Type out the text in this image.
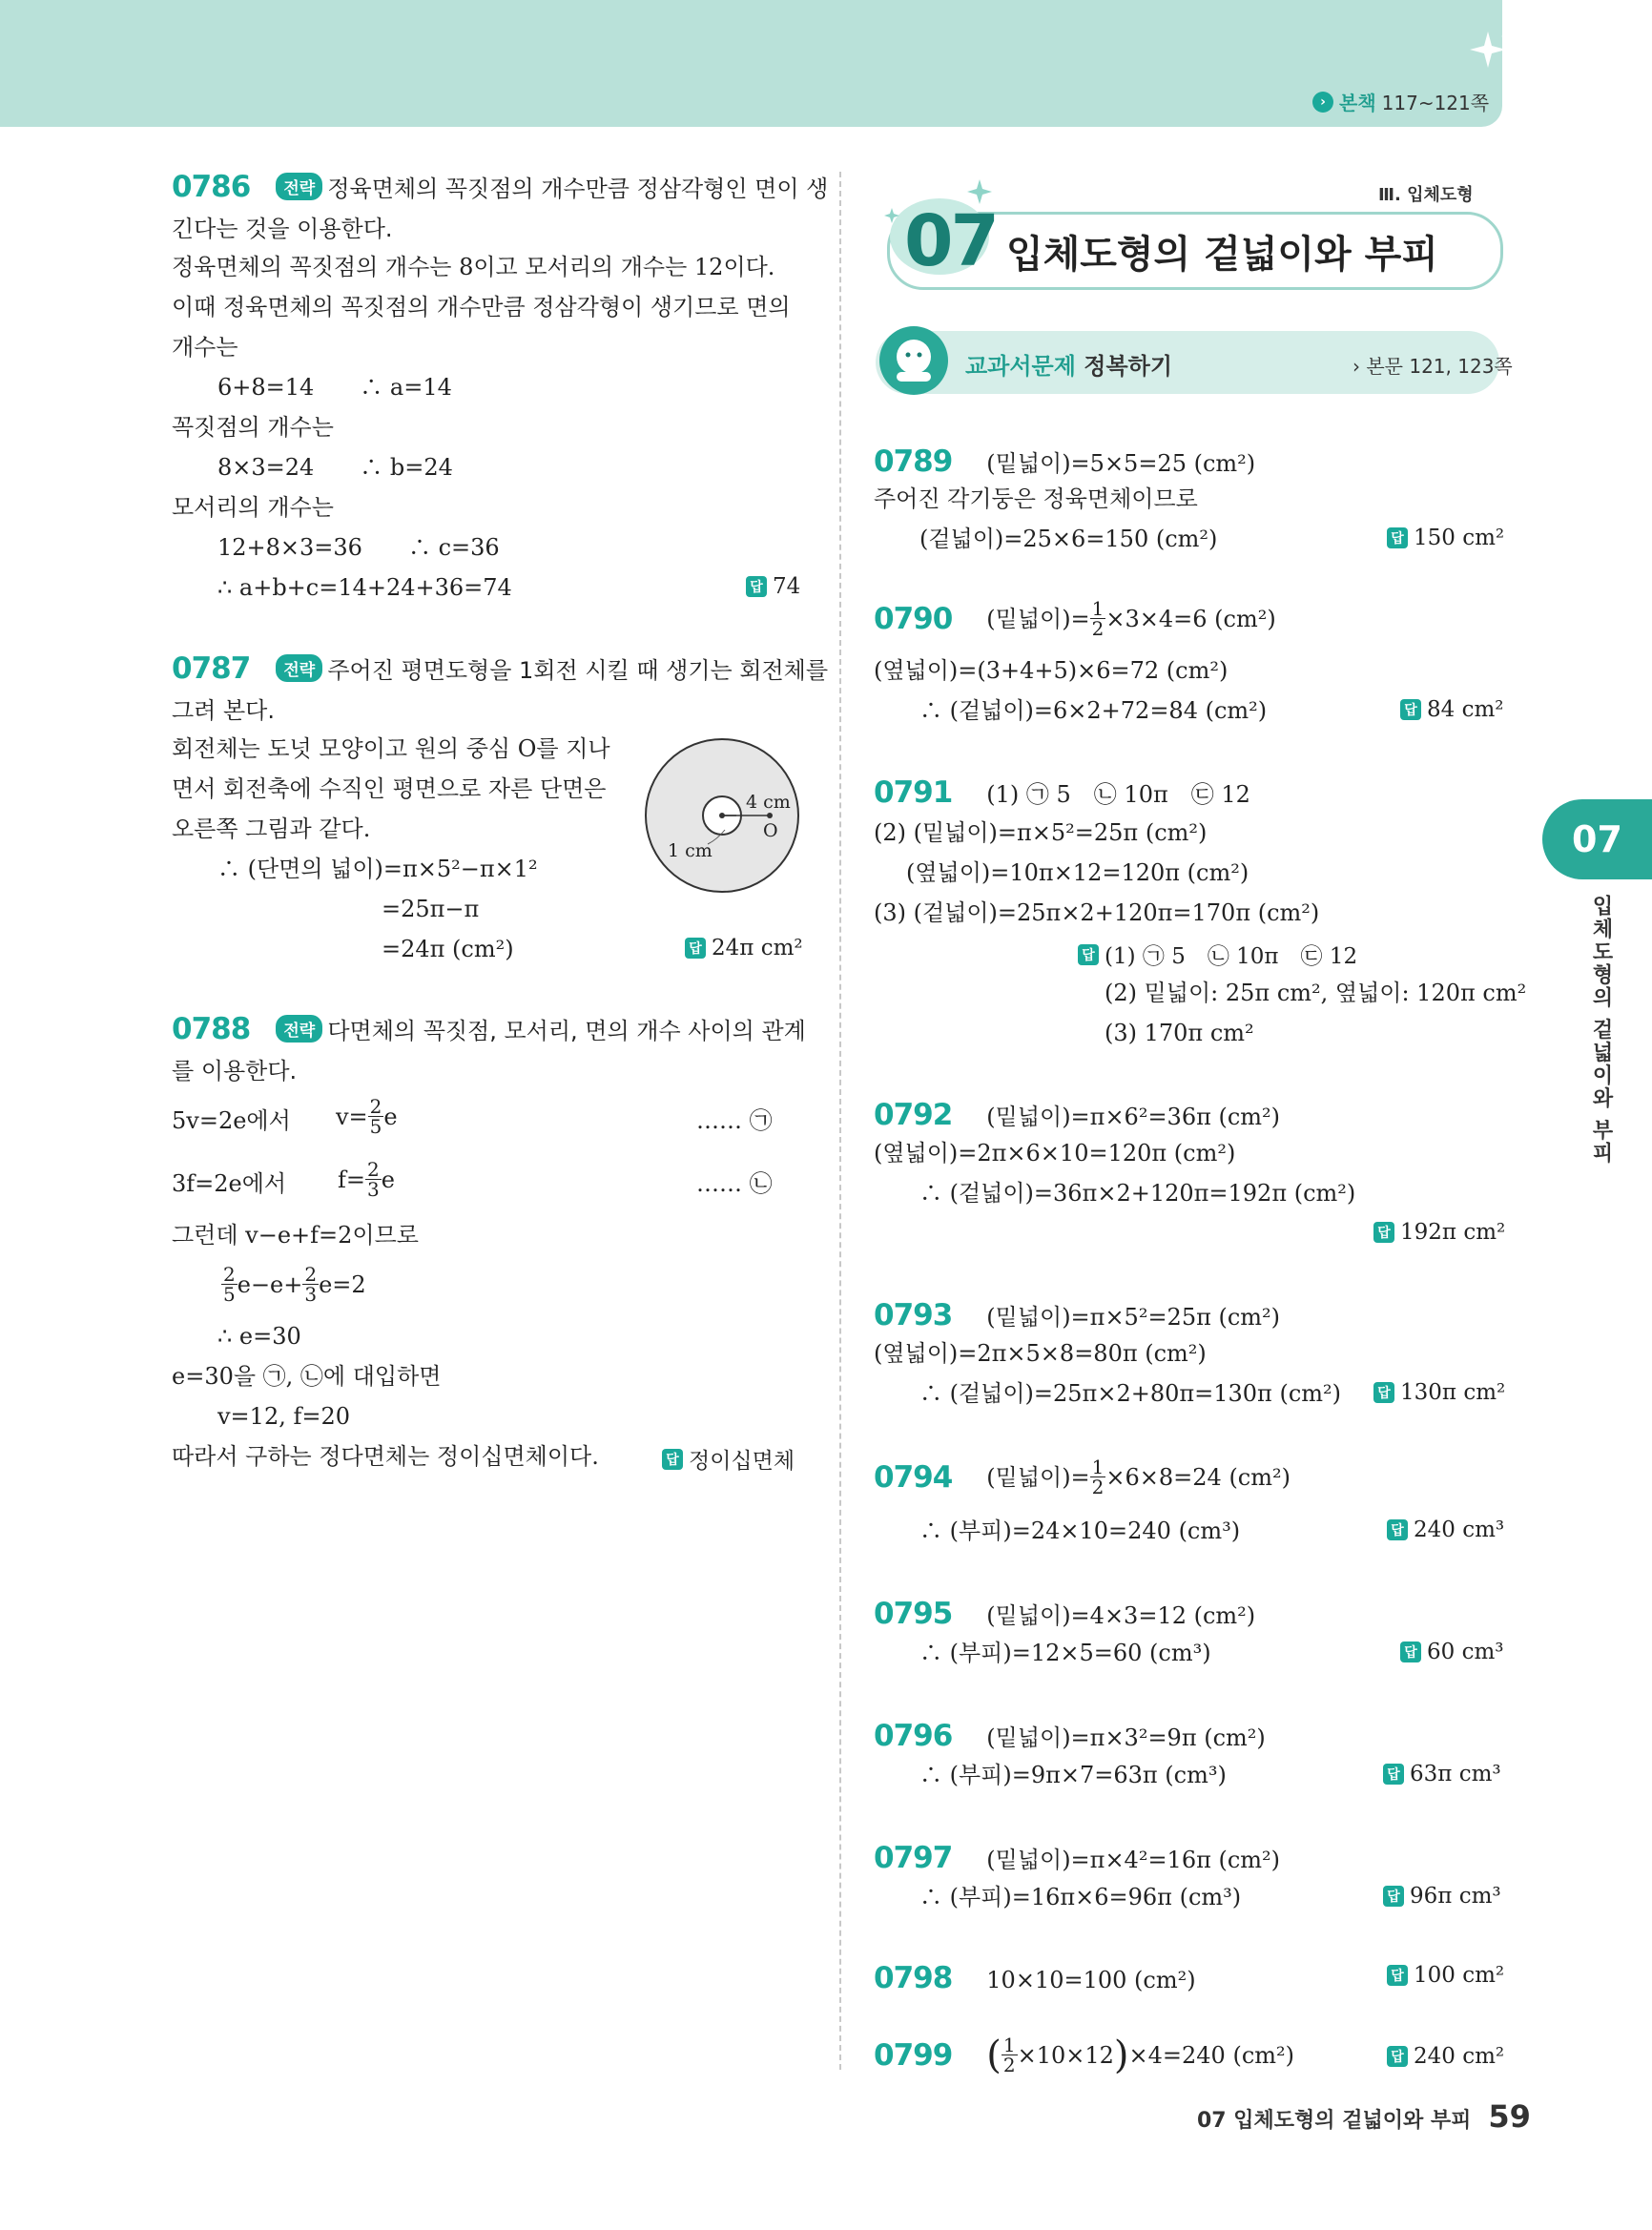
› 본책 117~121쪽
07
입체도형의 겉넓이와 부피
0786 전략 정육면체의 꼭짓점의 개수만큼 정삼각형인 면이 생
긴다는 것을 이용한다.
정육면체의 꼭짓점의 개수는 8이고 모서리의 개수는 12이다.
이때 정육면체의 꼭짓점의 개수만큼 정삼각형이 생기므로 면의
개수는
6+8=14　　∴ a=14
꼭짓점의 개수는
8×3=24　　∴ b=24
모서리의 개수는
12+8×3=36　　∴ c=36
∴ a+b+c=14+24+36=74	답 74
0787 전략 주어진 평면도형을 1회전 시킬 때 생기는 회전체를
그려 본다.
회전체는 도넛 모양이고 원의 중심 O를 지나
면서 회전축에 수직인 평면으로 자른 단면은
오른쪽 그림과 같다.
∴ (단면의 넓이)=π×5²−π×1²
=25π−π
=24π (cm²)	답 24π cm²
4 cm
O
1 cm
0788 전략 다면체의 꼭짓점, 모서리, 면의 개수 사이의 관계
를 이용한다.
5v=2e에서 $v= \frac{2}{5}$ e	…… ㉠
3f=2e에서 $f= \frac{2}{3}$ e	…… ㉡
그런데 v−e+f=2이므로
$\frac{2}{5} e-e+ \frac{2}{3} e=2$
∴ e=30
e=30을 ㉠, ㉡에 대입하면
v=12, f=20
따라서 구하는 정다면체는 정이십면체이다.	답 정이십면체
Ⅲ. 입체도형
07 입체도형의 겉넓이와 부피
교과서문제 정복하기	› 본문 121, 123쪽
0789 (밑넓이)=5×5=25 (cm²)
주어진 각기둥은 정육면체이므로
(겉넓이)=25×6=150 (cm²)	답 150 cm²
0790 (밑넓이)= $\frac{1}{2} \times 3\times 4=6$ (cm²)
(옆넓이)=(3+4+5)×6=72 (cm²)
∴ (겉넓이)=6×2+72=84 (cm²)	답 84 cm²
0791 (1) ㉠ 5　㉡ 10π　㉢ 12
(2) (밑넓이)=π×5²=25π (cm²)
(옆넓이)=10π×12=120π (cm²)
(3) (겉넓이)=25π×2+120π=170π (cm²)
답 (1) ㉠ 5　㉡ 10π　㉢ 12
(2) 밑넓이: 25π cm², 옆넓이: 120π cm²
(3) 170π cm²
0792 (밑넓이)=π×6²=36π (cm²)
(옆넓이)=2π×6×10=120π (cm²)
∴ (겉넓이)=36π×2+120π=192π (cm²)
답 192π cm²
0793 (밑넓이)=π×5²=25π (cm²)
(옆넓이)=2π×5×8=80π (cm²)
∴ (겉넓이)=25π×2+80π=130π (cm²)	답 130π cm²
0794 (밑넓이)= $\frac{1}{2} \times 6\times 8=24$ (cm²)
∴ (부피)=24×10=240 (cm³)	답 240 cm³
0795 (밑넓이)=4×3=12 (cm²)
∴ (부피)=12×5=60 (cm³)	답 60 cm³
0796 (밑넓이)=π×3²=9π (cm²)
∴ (부피)=9π×7=63π (cm³)	답 63π cm³
0797 (밑넓이)=π×4²=16π (cm²)
∴ (부피)=16π×6=96π (cm³)	답 96π cm³
0798 10×10=100 (cm²)	답 100 cm²
0799 ( $\frac{1}{2} \times 10\times 12$ ) ×4=240 (cm²)	답 240 cm²
07 입체도형의 겉넓이와 부피 59
